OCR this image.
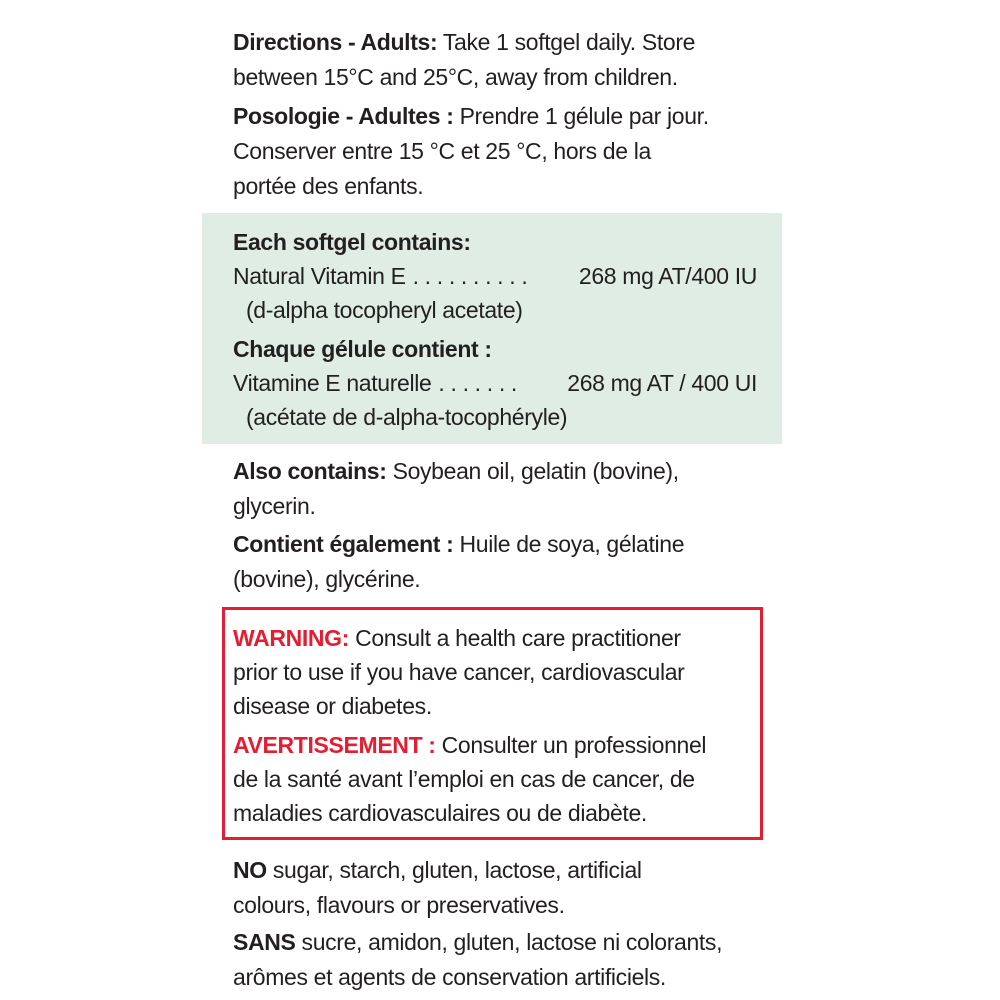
Directions - Adults: Take 1 softgel daily. Store
between 15°C and 25°C, away from children.
Posologie - Adultes : Prendre 1 gélule par jour.
Conserver entre 15 °C et 25 °C, hors de la
portée des enfants.
Each softgel contains:
Natural Vitamin E . . . . . . . . . .	268 mg AT/400 IU
(d-alpha tocopheryl acetate)
Chaque gélule contient :
Vitamine E naturelle . . . . . . .	268 mg AT / 400 UI
(acétate de d-alpha-tocophéryle)
Also contains: Soybean oil, gelatin (bovine),
glycerin.
Contient également : Huile de soya, gélatine
(bovine), glycérine.
WARNING: Consult a health care practitioner
prior to use if you have cancer, cardiovascular
disease or diabetes.
AVERTISSEMENT : Consulter un professionnel
de la santé avant l’emploi en cas de cancer, de
maladies cardiovasculaires ou de diabète.
NO sugar, starch, gluten, lactose, artificial
colours, flavours or preservatives.
SANS sucre, amidon, gluten, lactose ni colorants,
arômes et agents de conservation artificiels.
